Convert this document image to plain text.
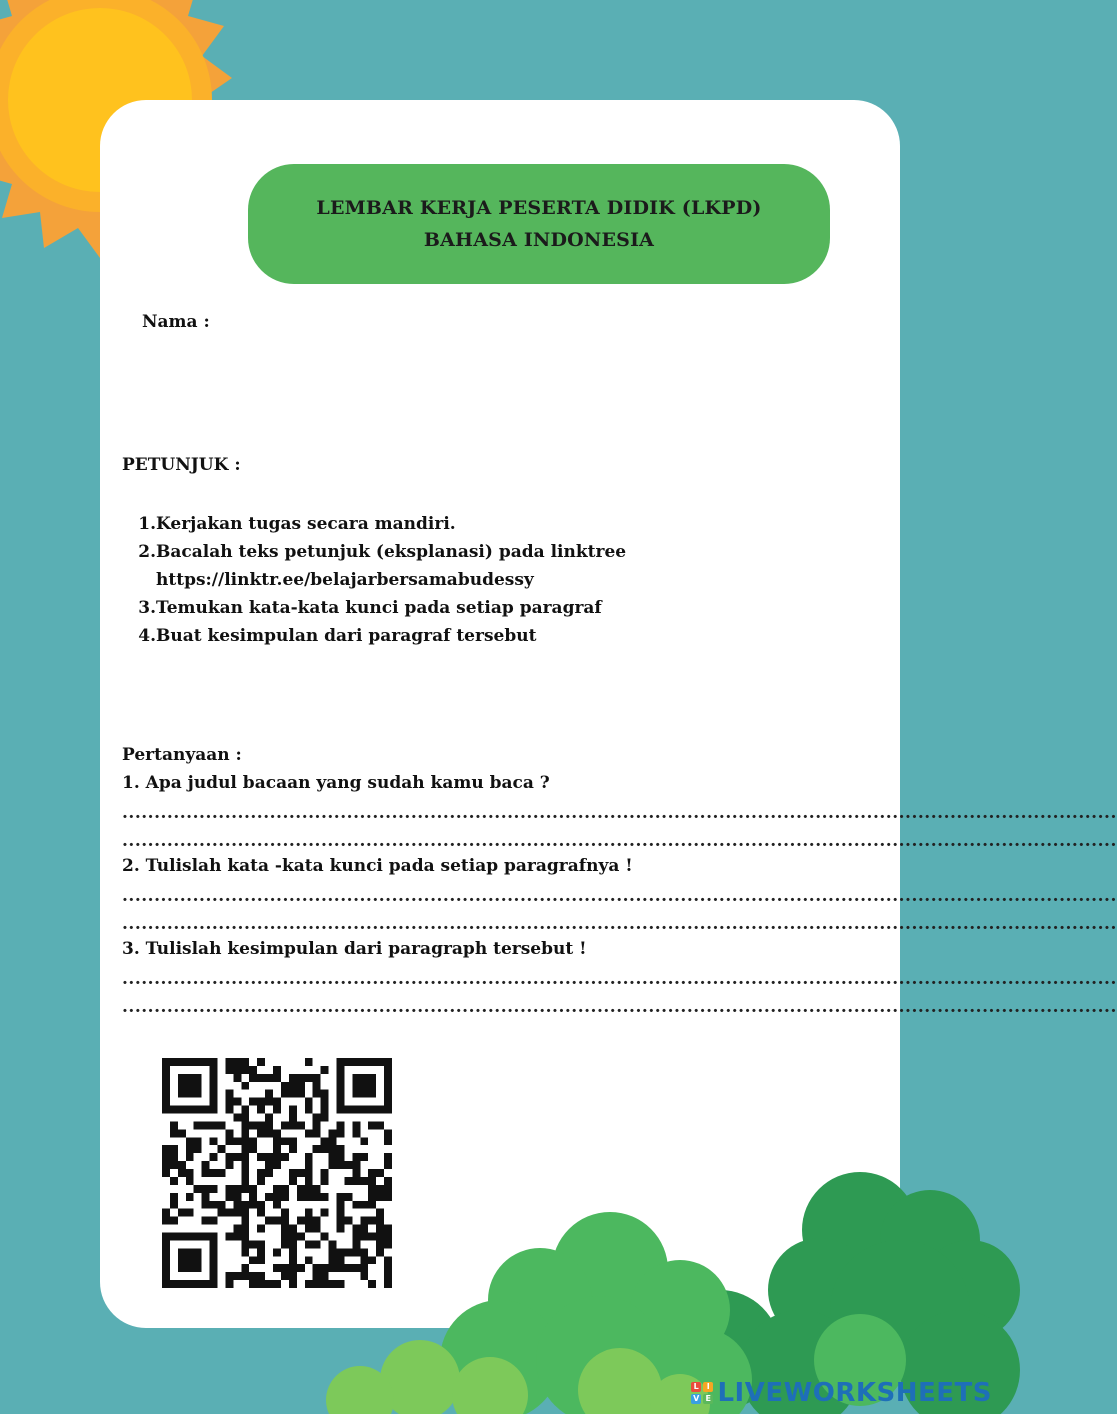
LEMBAR KERJA PESERTA DIDIK (LKPD)
BAHASA INDONESIA
Nama :
PETUNJUK :
1.Kerjakan tugas secara mandiri.
2.Bacalah teks petunjuk (eksplanasi) pada linktree
https://linktr.ee/belajarbersamabudessy
3.Temukan kata-kata kunci pada setiap paragraf
4.Buat kesimpulan dari paragraf tersebut
Pertanyaan :
1. Apa judul bacaan yang sudah kamu baca ?
...........................................................................................................................................................
...........................................................................................................................................................
2. Tulislah kata -kata kunci pada setiap paragrafnya !
...........................................................................................................................................................
...........................................................................................................................................................
3. Tulislah kesimpulan dari paragraph tersebut !
...........................................................................................................................................................
...........................................................................................................................................................
L I
V E LIVEWORKSHEETS
